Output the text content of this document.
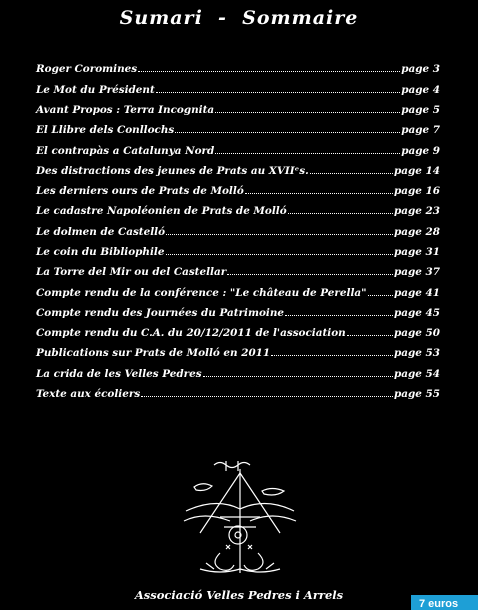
Sumari  -  Sommaire
Roger Coromines	page 3
Le Mot du Président	page 4
Avant Propos : Terra Incognita	page 5
El Llibre dels Conllochs	page 7
El contrapàs a Catalunya Nord	page 9
Des distractions des jeunes de Prats au XVIIᵉs.	page 14
Les derniers ours de Prats de Molló	page 16
Le cadastre Napoléonien de Prats de Molló	page 23
Le dolmen de Castelló	page 28
Le coin du Bibliophile	page 31
La Torre del Mir ou del Castellar	page 37
Compte rendu de la conférence : "Le château de Perella"	page 41
Compte rendu des Journées du Patrimoine	page 45
Compte rendu du C.A. du 20/12/2011 de l'association	page 50
Publications sur Prats de Molló en 2011	page 53
La crida de les Velles Pedres	page 54
Texte aux écoliers	page 55
Associació Velles Pedres i Arrels
7 euros
